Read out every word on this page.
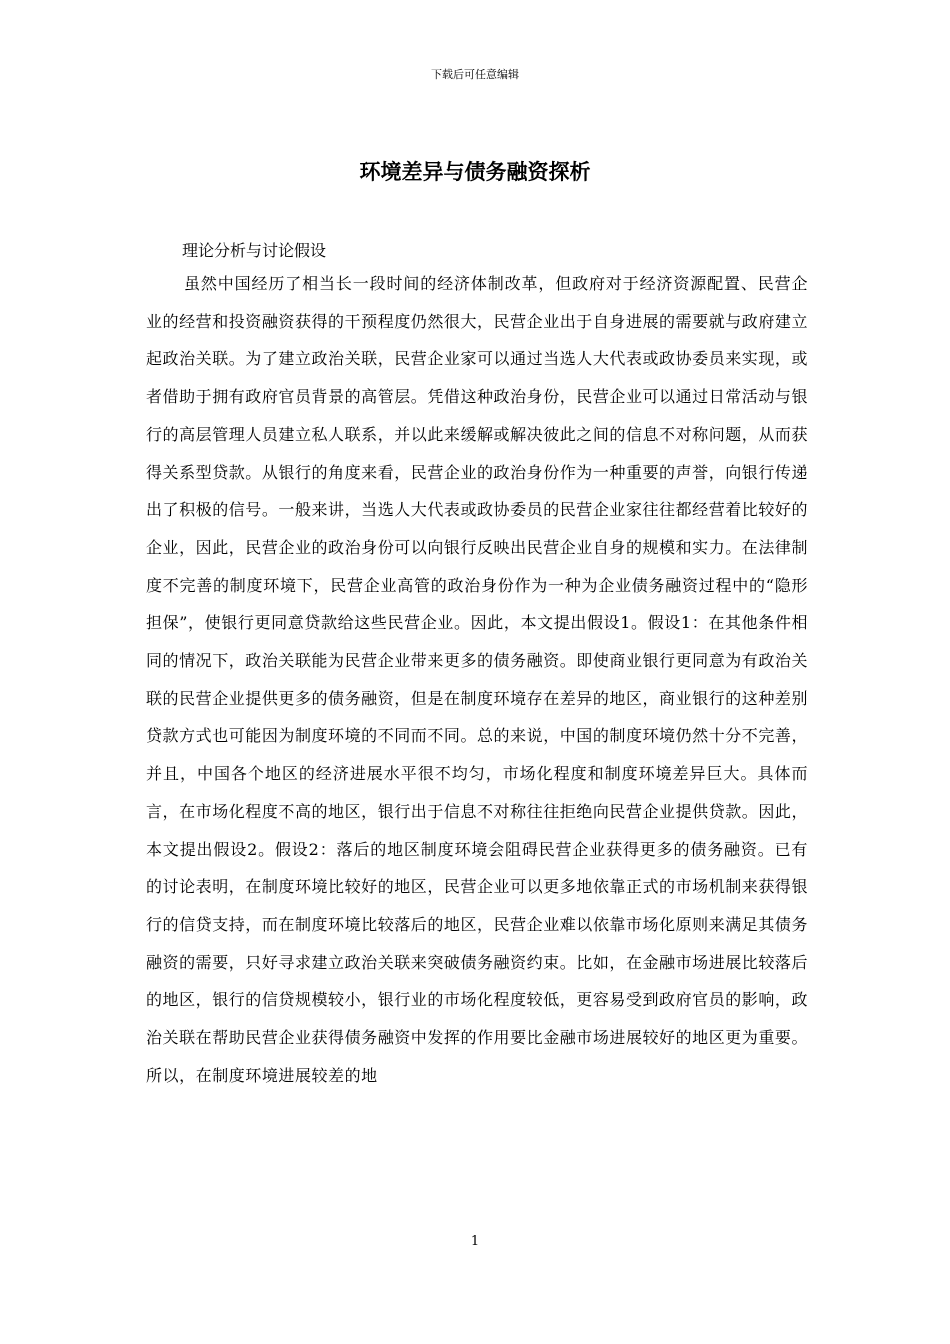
下载后可任意编辑
环境差异与债务融资探析

理论分析与讨论假设

虽然中国经历了相当长一段时间的经济体制改革，但政府对于经济资源配置、民营企业的经营和投资融资获得的干预程度仍然很大，民营企业出于自身进展的需要就与政府建立起政治关联。为了建立政治关联，民营企业家可以通过当选人大代表或政协委员来实现，或者借助于拥有政府官员背景的高管层。凭借这种政治身份，民营企业可以通过日常活动与银行的高层管理人员建立私人联系，并以此来缓解或解决彼此之间的信息不对称问题，从而获得关系型贷款。从银行的角度来看，民营企业的政治身份作为一种重要的声誉，向银行传递出了积极的信号。一般来讲，当选人大代表或政协委员的民营企业家往往都经营着比较好的企业，因此，民营企业的政治身份可以向银行反映出民营企业自身的规模和实力。在法律制度不完善的制度环境下，民营企业高管的政治身份作为一种为企业债务融资过程中的“隐形担保”，使银行更同意贷款给这些民营企业。因此，本文提出假设1。假设1：在其他条件相同的情况下，政治关联能为民营企业带来更多的债务融资。即使商业银行更同意为有政治关联的民营企业提供更多的债务融资，但是在制度环境存在差异的地区，商业银行的这种差别贷款方式也可能因为制度环境的不同而不同。总的来说，中国的制度环境仍然十分不完善，并且，中国各个地区的经济进展水平很不均匀，市场化程度和制度环境差异巨大。具体而言，在市场化程度不高的地区，银行出于信息不对称往往拒绝向民营企业提供贷款。因此，本文提出假设2。假设2：落后的地区制度环境会阻碍民营企业获得更多的债务融资。已有的讨论表明，在制度环境比较好的地区，民营企业可以更多地依靠正式的市场机制来获得银行的信贷支持，而在制度环境比较落后的地区，民营企业难以依靠市场化原则来满足其债务融资的需要，只好寻求建立政治关联来突破债务融资约束。比如，在金融市场进展比较落后的地区，银行的信贷规模较小，银行业的市场化程度较低，更容易受到政府官员的影响，政治关联在帮助民营企业获得债务融资中发挥的作用要比金融市场进展较好的地区更为重要。所以，在制度环境进展较差的地

1
